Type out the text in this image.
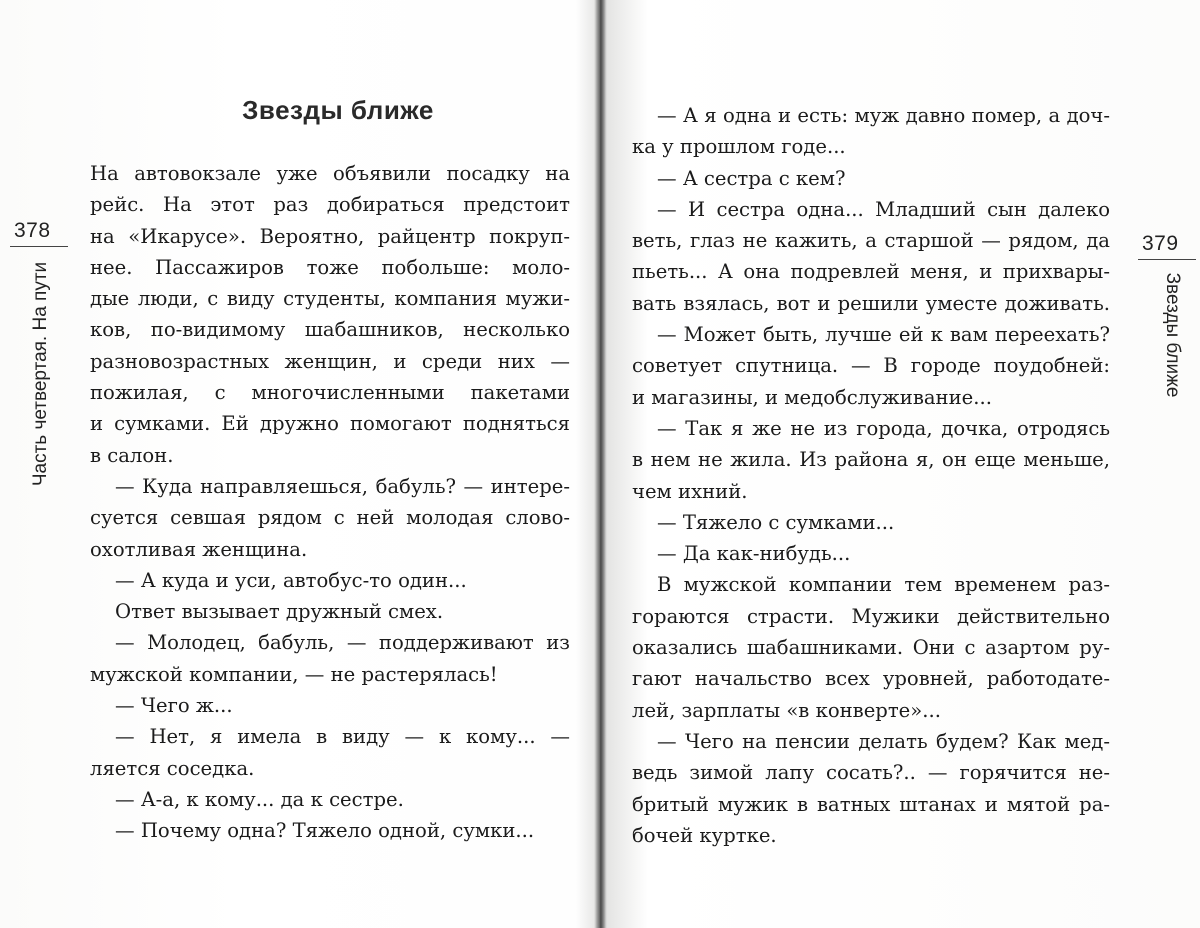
378
Часть четвертая. На пути
Звезды ближе
На автовокзале уже объявили посадку на
рейс. На этот раз добираться предстоит
на «Икарусе». Вероятно, райцентр покруп-
нее. Пассажиров тоже побольше: моло-
дые люди, с виду студенты, компания мужи-
ков, по-видимому шабашников, несколько
разновозрастных женщин, и среди них —
пожилая, с многочисленными пакетами
и сумками. Ей дружно помогают подняться
в салон.
— Куда направляешься, бабуль? — интере-
суется севшая рядом с ней молодая слово-
охотливая женщина.
— А куда и уси, автобус-то один...
Ответ вызывает дружный смех.
— Молодец, бабуль, — поддерживают из
мужской компании, — не растерялась!
— Чего ж...
— Нет, я имела в виду — к кому... —
ляется соседка.
— А-а, к кому... да к сестре.
— Почему одна? Тяжело одной, сумки...
379
Звезды ближе
— А я одна и есть: муж давно помер, а доч-
ка у прошлом годе...
— А сестра с кем?
— И сестра одна... Младший сын далеко
веть, глаз не кажить, а старшой — рядом, да
пьеть... А она подревлей меня, и прихвары-
вать взялась, вот и решили уместе доживать.
— Может быть, лучше ей к вам переехать?
советует спутница. — В городе поудобней:
и магазины, и медобслуживание...
— Так я же не из города, дочка, отродясь
в нем не жила. Из района я, он еще меньше,
чем ихний.
— Тяжело с сумками...
— Да как-нибудь...
В мужской компании тем временем раз-
гораются страсти. Мужики действительно
оказались шабашниками. Они с азартом ру-
гают начальство всех уровней, работодате-
лей, зарплаты «в конверте»...
— Чего на пенсии делать будем? Как мед-
ведь зимой лапу сосать?.. — горячится не-
бритый мужик в ватных штанах и мятой ра-
бочей куртке.
